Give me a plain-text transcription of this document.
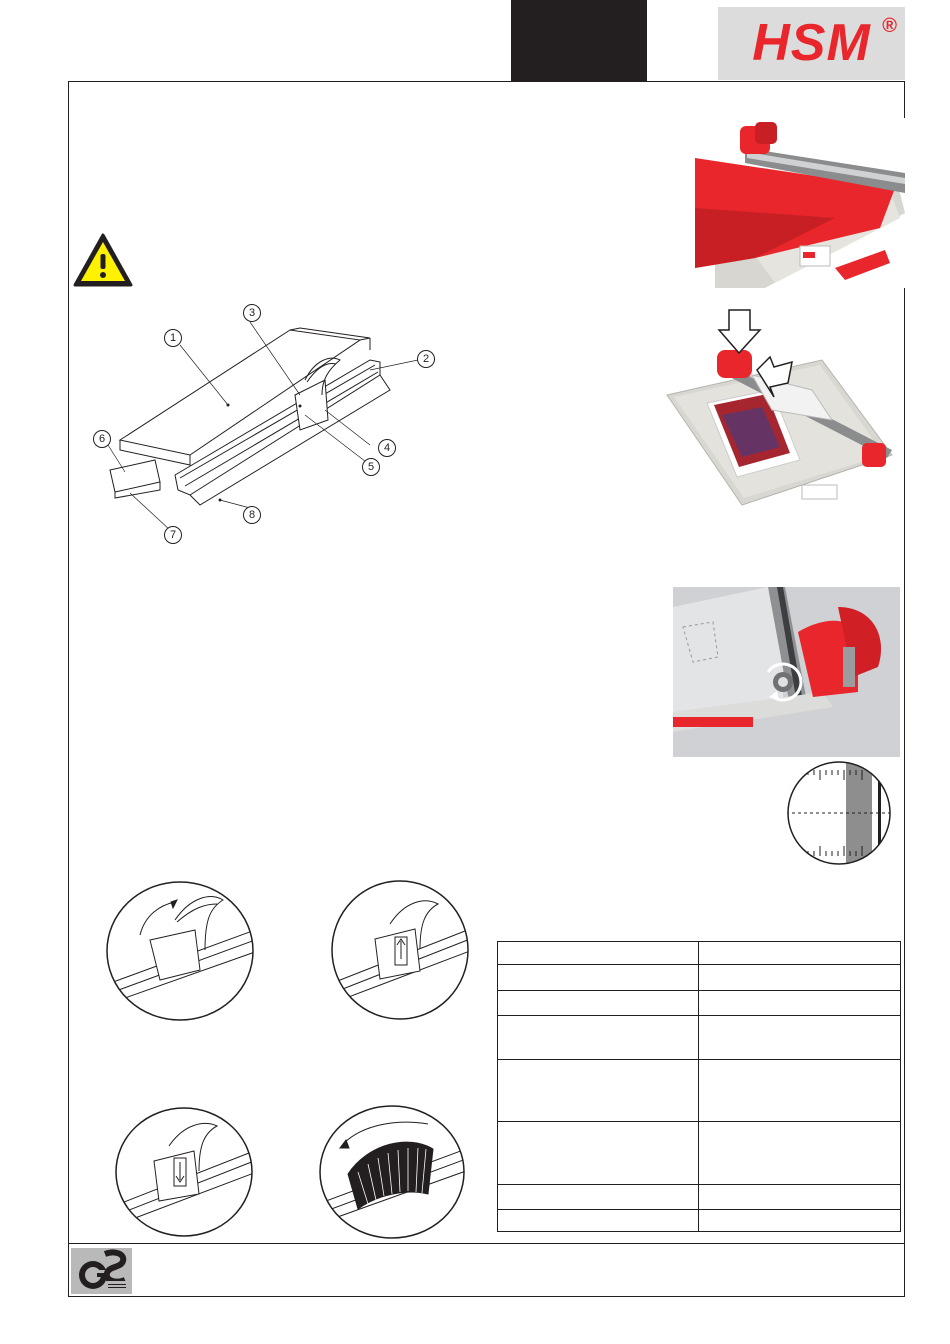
HSM ®
1
2
3
4
5
6
7
8
